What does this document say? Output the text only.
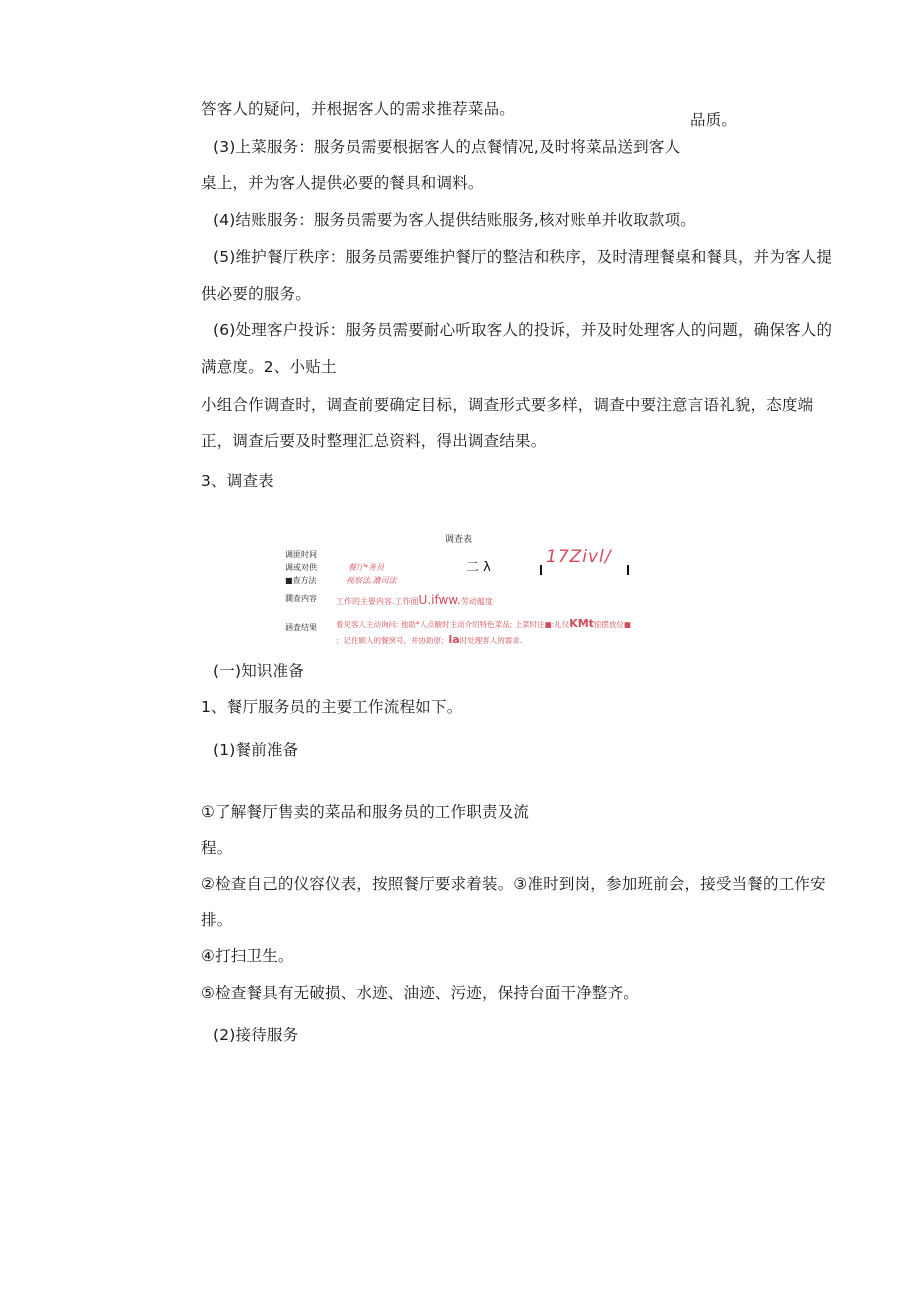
答客人的疑问，并根据客人的需求推荐菜品。
品质。
(3)上菜服务：服务员需要根据客人的点餐情况,及时将菜品送到客人
桌上，并为客人提供必要的餐具和调料。
(4)结账服务：服务员需要为客人提供结账服务,核对账单并收取款项。
(5)维护餐厅秩序：服务员需要维护餐厅的整洁和秩序，及时清理餐桌和餐具，并为客人提
供必要的服务。
(6)处理客户投诉：服务员需要耐心听取客人的投诉，并及时处理客人的问题，确保客人的
满意度。2、小贴土
小组合作调查时，调查前要确定目标，调查形式要多样，调查中要注意言语礼貌，态度端
正，调查后要及时整理汇总资料，得出调查结果。
3、调查表
调查表
调匪时间
调或对供
■查方法
濶查内容
涵査结果
餐厅*务员
视察法.濃司法
二 λ
17Zivl∕
工作的主要内容.工作面U.ifww.劳动蕴度
看见客人主动询问: 他助*人点駿时主动介绍特色菜品; 上菜时注■:礼仪KMt惊摆放位■
；记住顾人的餐窯号，并协助原；la时处理客人的需求.
(一)知识准备
1、餐厅服务员的主要工作流程如下。
(1)餐前准备
①了解餐厅售卖的菜品和服务员的工作职责及流
程。
②检查自己的仪容仪表，按照餐厅要求着装。③准时到岗，参加班前会，接受当餐的工作安
排。
④打扫卫生。
⑤检查餐具有无破损、水迹、油迹、污迹，保持台面干净整齐。
(2)接待服务
